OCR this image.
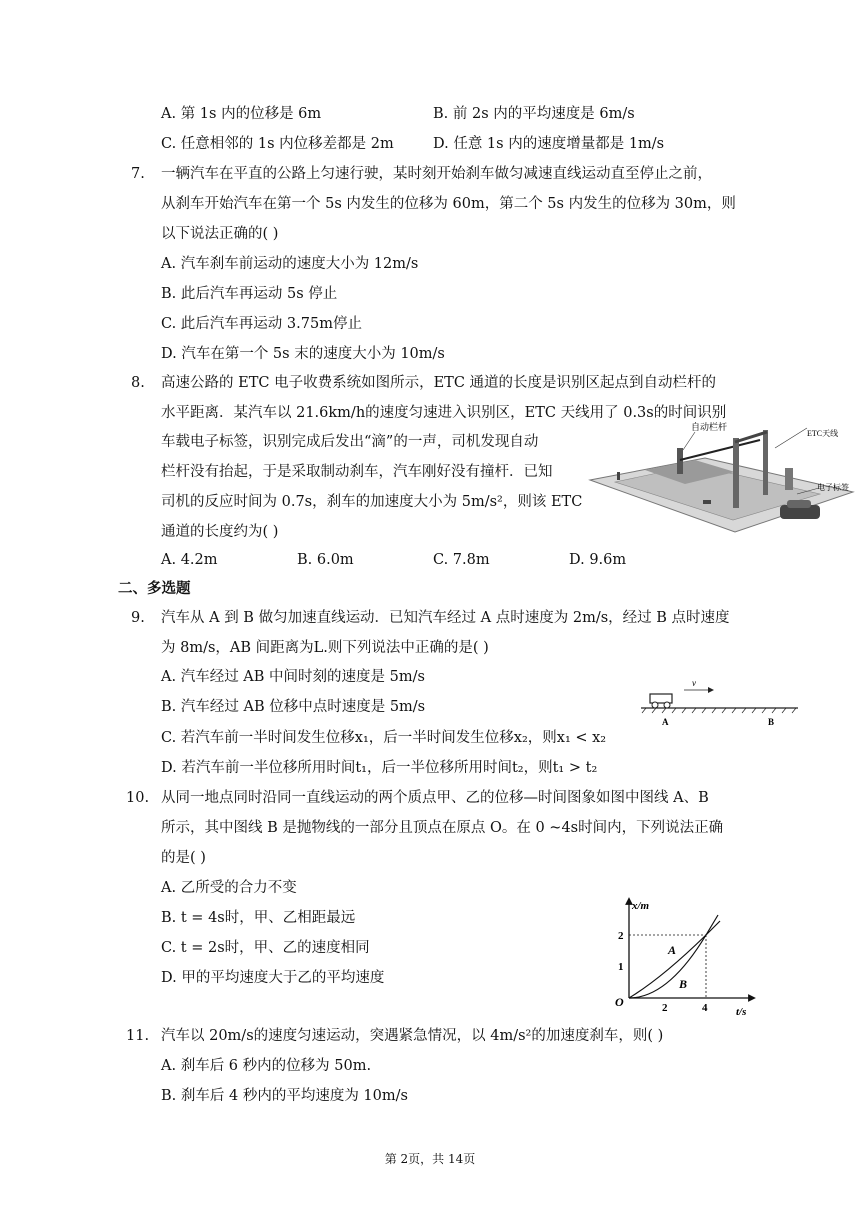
A. 第 1s 内的位移是 6m	B. 前 2s 内的平均速度是 6m/s
C. 任意相邻的 1s 内位移差都是 2m	D. 任意 1s 内的速度增量都是 1m/s
7. 一辆汽车在平直的公路上匀速行驶，某时刻开始刹车做匀减速直线运动直至停止之前，
从刹车开始汽车在第一个 5s 内发生的位移为 60m，第二个 5s 内发生的位移为 30m，则
以下说法正确的( )
A. 汽车刹车前运动的速度大小为 12m/s
B. 此后汽车再运动 5s 停止
C. 此后汽车再运动 3.75m停止
D. 汽车在第一个 5s 末的速度大小为 10m/s
8. 高速公路的 ETC 电子收费系统如图所示，ETC 通道的长度是识别区起点到自动栏杆的
水平距离．某汽车以 21.6km/h的速度匀速进入识别区，ETC 天线用了 0.3s的时间识别
车载电子标签，识别完成后发出“滴”的一声，司机发现自动
栏杆没有抬起，于是采取制动刹车，汽车刚好没有撞杆．已知
司机的反应时间为 0.7s，刹车的加速度大小为 5m/s²，则该 ETC
通道的长度约为( )
A. 4.2m	B. 6.0m	C. 7.8m	D. 9.6m
自动栏杆
ETC天线
电子标签
二、多选题
9. 汽车从 A 到 B 做匀加速直线运动．已知汽车经过 A 点时速度为 2m/s，经过 B 点时速度
为 8m/s，AB 间距离为L.则下列说法中正确的是( )
A. 汽车经过 AB 中间时刻的速度是 5m/s
B. 汽车经过 AB 位移中点时速度是 5m/s
C. 若汽车前一半时间发生位移x₁，后一半时间发生位移x₂，则x₁ < x₂
D. 若汽车前一半位移所用时间t₁，后一半位移所用时间t₂，则t₁ > t₂
v
A	B
10. 从同一地点同时沿同一直线运动的两个质点甲、乙的位移—时间图象如图中图线 A、B
所示，其中图线 B 是抛物线的一部分且顶点在原点 O。在 0 ~4s时间内，下列说法正确
的是( )
A. 乙所受的合力不变
B. t = 4s时，甲、乙相距最远
C. t = 2s时，甲、乙的速度相同
D. 甲的平均速度大于乙的平均速度
x/m
t/s
O
2
1
2	4
A
B
11. 汽车以 20m/s的速度匀速运动，突遇紧急情况，以 4m/s²的加速度刹车，则( )
A. 刹车后 6 秒内的位移为 50m.
B. 刹车后 4 秒内的平均速度为 10m/s
第 2页，共 14页
